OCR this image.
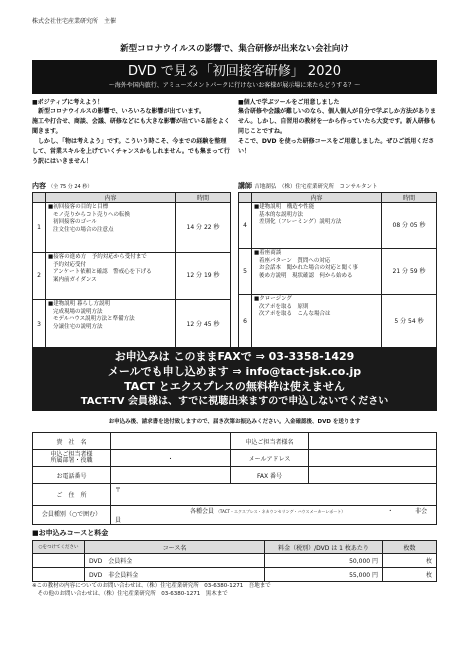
株式会社住宅産業研究所　主催
新型コロナウイルスの影響で、集合研修が出来ない会社向け
DVD で見る「初回接客研修」 2020
～海外や国内旅行、アミューズメントパークに行けないお客様が展示場に来たらどうする？～
■ポジティブに考えよう！
　新型コロナウイルスの影響で、いろいろな影響が出ています。
施工や打合せ、商談、会議、研修などにも大きな影響が出ている話をよく聞きます。
　しかし、「物は考えよう」です。こういう時こそ、今までの経験を整理して、営業スキルを上げていくチャンスかもしれません。でも集まって行う訳にはいきません！
■個人で学ぶツールをご用意しました
集合研修や会議が難しいのなら、個人個人が自分で学ぶしか方法がありません。しかし、自習用の教材を一から作っていたら大変です。新人研修も同じことですね。
そこで、DVD を使った研修コースをご用意しました。ぜひご活用ください！
内容 （全 75 分 24 秒）
	内容	時間
1	■初回接客の目的と目標
モノ売りからコト売りへの転換
初回接客のゴール
注文住宅の場合の注意点	14 分 22 秒
2	■接客の進め方　予約対応から受付まで
予約対応受付
アンケート依頼と確認　警戒心を下げる
案内前ガイダンス	12 分 19 秒
3	■建物説明 暮らし方説明
完成現場の説明方法
モデルハウス説明方法と準備方法
分譲住宅の説明方法	12 分 45 秒
講師 吉地湖弘　（株）住宅産業研究所　コンサルタント
	内容	時間
4	■建物説明　構造や性能
基本的な説明方法
差別化（フレーミング）説明方法	08 分 05 秒
5	■着座商談
着座パターン　質問への対応
お会話本　聞かれた場合の対応と聞く事
後め方説明　現状確認　何から始める	21 分 59 秒
6	■クロージング
次アポを取る　原則
次アポを取る　こんな場合は	5 分 54 秒
お申込みは このままFAXで ⇒ 03-3358-1429
メールでも申し込めます ⇒ info@tact-jsk.co.jp
TACT とエクスプレスの無料枠は使えません
TACT-TV 会員様は、すでに視聴出来ますので申込しないでください
お申込み後、請求書を送付致しますので、届き次第お振込みください。入金確認後、DVD を送ります
貴　社　名		申込ご担当者様名	
申込ご担当者様
所属部署・役職	・	メールアドレス	
お電話番号		FAX 番号	
ご　住　所	〒		
会員種別（○で囲む）	各種会員 （TACT・エクスプレス・ネカウンセリング・ハウスメーカーレポート） ・ 非会員		
■お申込みコースと料金
○をつけてください	コース名	料金（税別）/DVD は 1 枚あたり	枚数
	DVD　会員料金	50,000 円	枚
	DVD　非会員料金	55,000 円	枚
※この教材の内容についてのお問い合わせは、（株）住宅産業研究所　03-6380-1271　吾地まで
　その他のお問い合わせは、（株）住宅産業研究所　03-6380-1271　黒木まで
